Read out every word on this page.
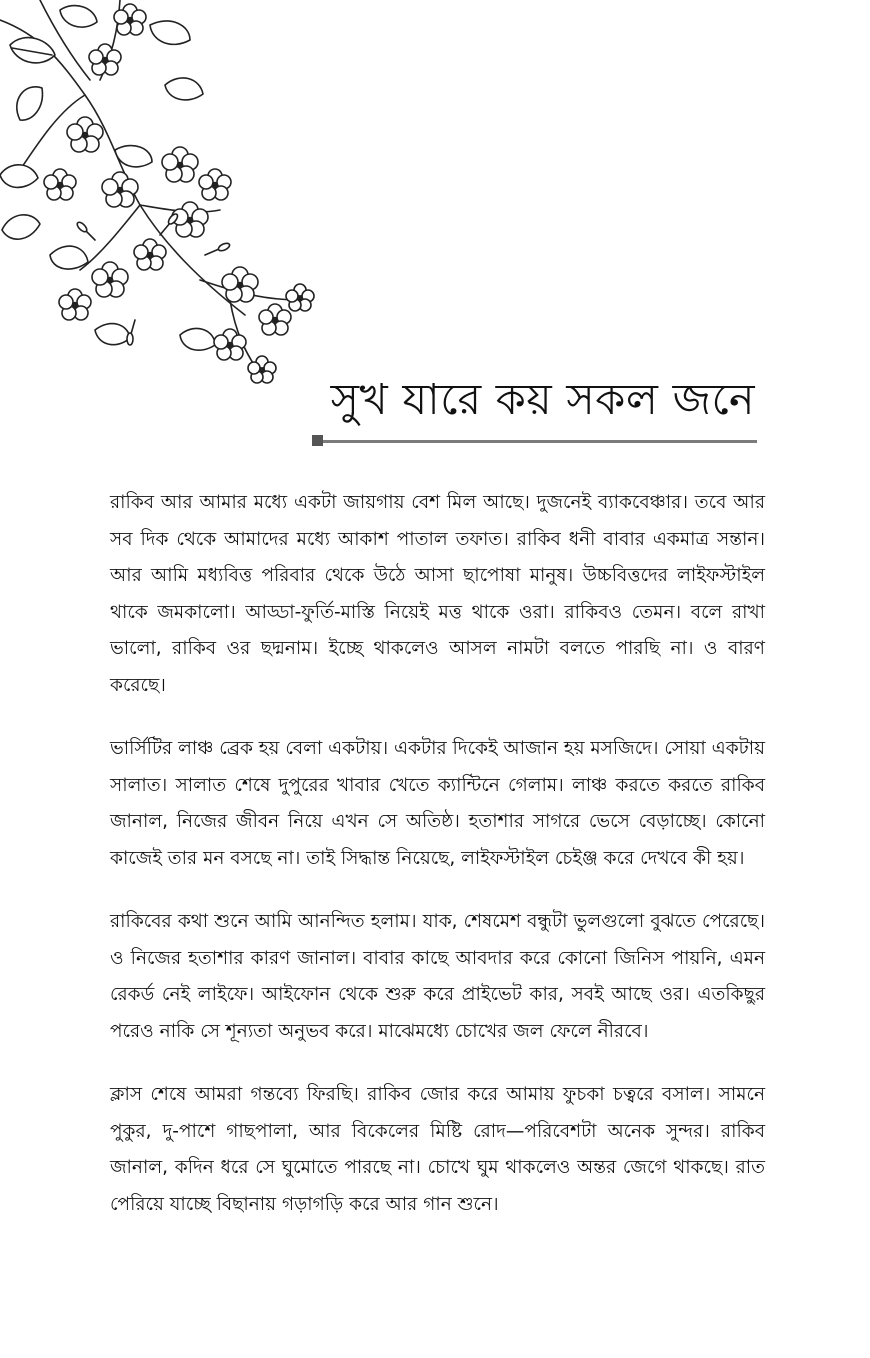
সুখ যারে কয় সকল জনে

রাকিব আর আমার মধ্যে একটা জায়গায় বেশ মিল আছে। দুজনেই ব্যাকবেঞ্চার। তবে আর সব দিক থেকে আমাদের মধ্যে আকাশ পাতাল তফাত। রাকিব ধনী বাবার একমাত্র সন্তান। আর আমি মধ্যবিত্ত পরিবার থেকে উঠে আসা ছাপোষা মানুষ। উচ্চবিত্তদের লাইফস্টাইল থাকে জমকালো। আড্ডা-ফুর্তি-মাস্তি নিয়েই মত্ত থাকে ওরা। রাকিবও তেমন। বলে রাখা ভালো, রাকিব ওর ছদ্মনাম। ইচ্ছে থাকলেও আসল নামটা বলতে পারছি না। ও বারণ করেছে।

ভার্সিটির লাঞ্চ ব্রেক হয় বেলা একটায়। একটার দিকেই আজান হয় মসজিদে। সোয়া একটায় সালাত। সালাত শেষে দুপুরের খাবার খেতে ক্যান্টিনে গেলাম। লাঞ্চ করতে করতে রাকিব জানাল, নিজের জীবন নিয়ে এখন সে অতিষ্ঠ। হতাশার সাগরে ভেসে বেড়াচ্ছে। কোনো কাজেই তার মন বসছে না। তাই সিদ্ধান্ত নিয়েছে, লাইফস্টাইল চেইঞ্জ করে দেখবে কী হয়।

রাকিবের কথা শুনে আমি আনন্দিত হলাম। যাক, শেষমেশ বন্ধুটা ভুলগুলো বুঝতে পেরেছে। ও নিজের হতাশার কারণ জানাল। বাবার কাছে আবদার করে কোনো জিনিস পায়নি, এমন রেকর্ড নেই লাইফে। আইফোন থেকে শুরু করে প্রাইভেট কার, সবই আছে ওর। এতকিছুর পরেও নাকি সে শূন্যতা অনুভব করে। মাঝেমধ্যে চোখের জল ফেলে নীরবে।

ক্লাস শেষে আমরা গন্তব্যে ফিরছি। রাকিব জোর করে আমায় ফুচকা চত্বরে বসাল। সামনে পুকুর, দু-পাশে গাছপালা, আর বিকেলের মিষ্টি রোদ—পরিবেশটা অনেক সুন্দর। রাকিব জানাল, কদিন ধরে সে ঘুমোতে পারছে না। চোখে ঘুম থাকলেও অন্তর জেগে থাকছে। রাত পেরিয়ে যাচ্ছে বিছানায় গড়াগড়ি করে আর গান শুনে।
